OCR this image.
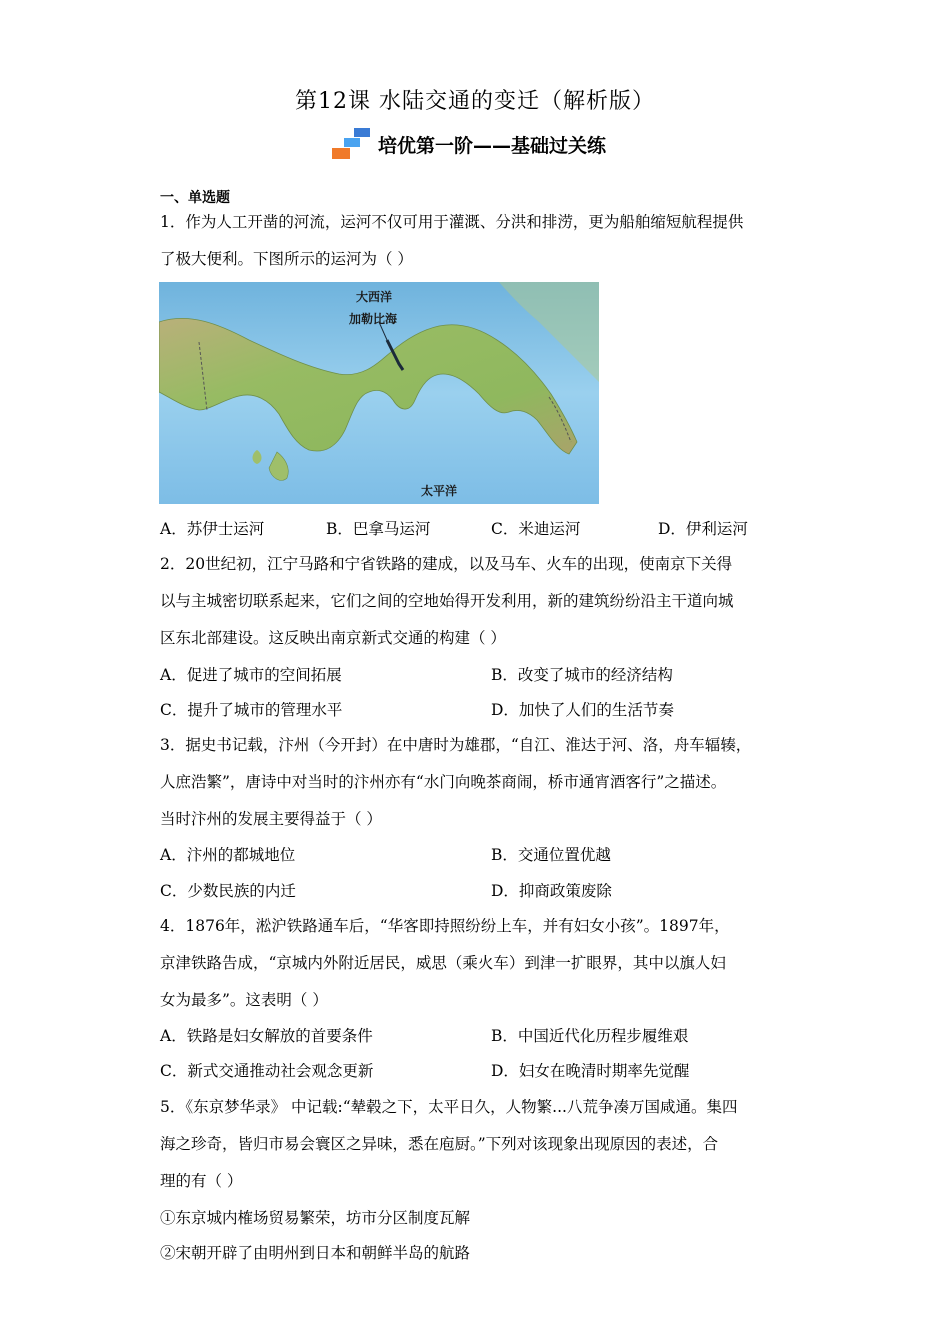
第12课 水陆交通的变迁（解析版）
培优第一阶——基础过关练
一、单选题
1．作为人工开凿的河流，运河不仅可用于灌溉、分洪和排涝，更为船舶缩短航程提供
了极大便利。下图所示的运河为（ ）
大西洋
加勒比海
太平洋
A．苏伊士运河	B．巴拿马运河	C．米迪运河	D．伊利运河
2．20世纪初，江宁马路和宁省铁路的建成，以及马车、火车的出现，使南京下关得
以与主城密切联系起来，它们之间的空地始得开发利用，新的建筑纷纷沿主干道向城
区东北部建设。这反映出南京新式交通的构建（ ）
A．促进了城市的空间拓展	B．改变了城市的经济结构
C．提升了城市的管理水平	D．加快了人们的生活节奏
3．据史书记载，汴州（今开封）在中唐时为雄郡，“自江、淮达于河、洛，舟车辐辏，
人庶浩繁”，唐诗中对当时的汴州亦有“水门向晚茶商闹，桥市通宵酒客行”之描述。
当时汴州的发展主要得益于（ ）
A．汴州的都城地位	B．交通位置优越
C．少数民族的内迁	D．抑商政策废除
4．1876年，淞沪铁路通车后，“华客即持照纷纷上车，并有妇女小孩”。1897年，
京津铁路告成，“京城内外附近居民，威思（乘火车）到津一扩眼界，其中以旗人妇
女为最多”。这表明（ ）
A．铁路是妇女解放的首要条件	B．中国近代化历程步履维艰
C．新式交通推动社会观念更新	D．妇女在晚清时期率先觉醒
5．《东京梦华录》 中记载:“辇毂之下，太平日久，人物繁...八荒争凑万国咸通。集四
海之珍奇，皆归市易会寰区之异味，悉在庖厨。”下列对该现象出现原因的表述，合
理的有（ ）
①东京城内榷场贸易繁荣，坊市分区制度瓦解
②宋朝开辟了由明州到日本和朝鲜半岛的航路
